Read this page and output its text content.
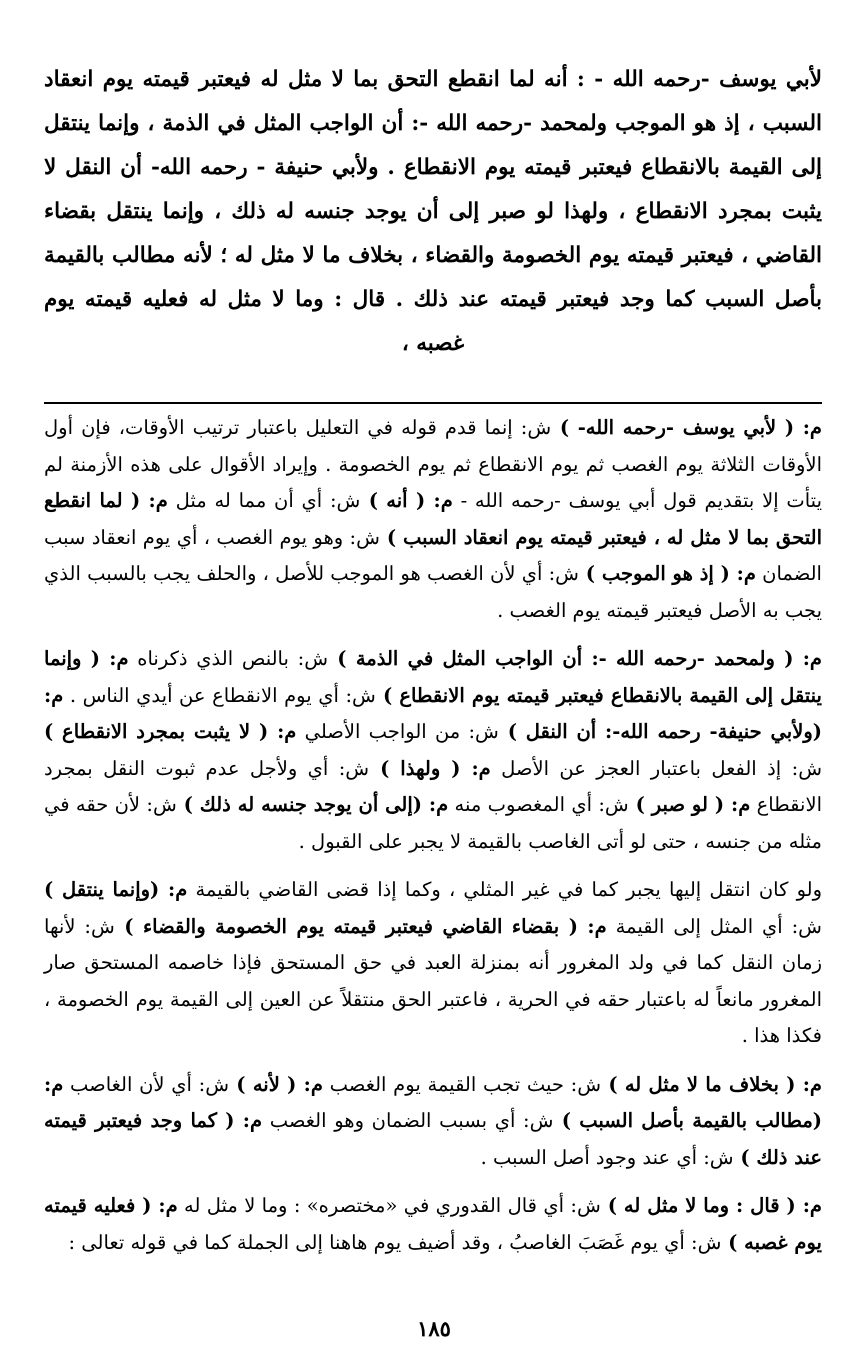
لأبي يوسف -رحمه الله - : أنه لما انقطع التحق بما لا مثل له فيعتبر قيمته يوم انعقاد السبب ، إذ هو الموجب ولمحمد -رحمه الله -: أن الواجب المثل في الذمة ، وإنما ينتقل إلى القيمة بالانقطاع فيعتبر قيمته يوم الانقطاع . ولأبي حنيفة - رحمه الله- أن النقل لا يثبت بمجرد الانقطاع ، ولهذا لو صبر إلى أن يوجد جنسه له ذلك ، وإنما ينتقل بقضاء القاضي ، فيعتبر قيمته يوم الخصومة والقضاء ، بخلاف ما لا مثل له ؛ لأنه مطالب بالقيمة بأصل السبب كما وجد فيعتبر قيمته عند ذلك . قال : وما لا مثل له فعليه قيمته يوم غصبه ،

م: ( لأبي يوسف -رحمه الله- ) ش: إنما قدم قوله في التعليل باعتبار ترتيب الأوقات، فإن أول الأوقات الثلاثة يوم الغصب ثم يوم الانقطاع ثم يوم الخصومة . وإيراد الأقوال على هذه الأزمنة لم يتأت إلا بتقديم قول أبي يوسف -رحمه الله - م: ( أنه ) ش: أي أن مما له مثل م: ( لما انقطع التحق بما لا مثل له ، فيعتبر قيمته يوم انعقاد السبب ) ش: وهو يوم الغصب ، أي يوم انعقاد سبب الضمان م: ( إذ هو الموجب ) ش: أي لأن الغصب هو الموجب للأصل ، والحلف يجب بالسبب الذي يجب به الأصل فيعتبر قيمته يوم الغصب .

م: ( ولمحمد -رحمه الله -: أن الواجب المثل في الذمة ) ش: بالنص الذي ذكرناه م: ( وإنما ينتقل إلى القيمة بالانقطاع فيعتبر قيمته يوم الانقطاع ) ش: أي يوم الانقطاع عن أيدي الناس . م: (ولأبي حنيفة- رحمه الله-: أن النقل ) ش: من الواجب الأصلي م: ( لا يثبت بمجرد الانقطاع ) ش: إذ الفعل باعتبار العجز عن الأصل م: ( ولهذا ) ش: أي ولأجل عدم ثبوت النقل بمجرد الانقطاع م: ( لو صبر ) ش: أي المغصوب منه م: (إلى أن يوجد جنسه له ذلك ) ش: لأن حقه في مثله من جنسه ، حتى لو أتى الغاصب بالقيمة لا يجبر على القبول .

ولو كان انتقل إليها يجبر كما في غير المثلي ، وكما إذا قضى القاضي بالقيمة م: (وإنما ينتقل ) ش: أي المثل إلى القيمة م: ( بقضاء القاضي فيعتبر قيمته يوم الخصومة والقضاء ) ش: لأنها زمان النقل كما في ولد المغرور أنه بمنزلة العبد في حق المستحق فإذا خاصمه المستحق صار المغرور مانعاً له باعتبار حقه في الحرية ، فاعتبر الحق منتقلاً عن العين إلى القيمة يوم الخصومة ، فكذا هذا .

م: ( بخلاف ما لا مثل له ) ش: حيث تجب القيمة يوم الغصب م: ( لأنه ) ش: أي لأن الغاصب م: (مطالب بالقيمة بأصل السبب ) ش: أي بسبب الضمان وهو الغصب م: ( كما وجد فيعتبر قيمته عند ذلك ) ش: أي عند وجود أصل السبب .

م: ( قال : وما لا مثل له ) ش: أي قال القدوري في «مختصره» : وما لا مثل له م: ( فعليه قيمته يوم غصبه ) ش: أي يوم غَصَبَ الغاصبُ ، وقد أضيف يوم هاهنا إلى الجملة كما في قوله تعالى :

١٨٥
